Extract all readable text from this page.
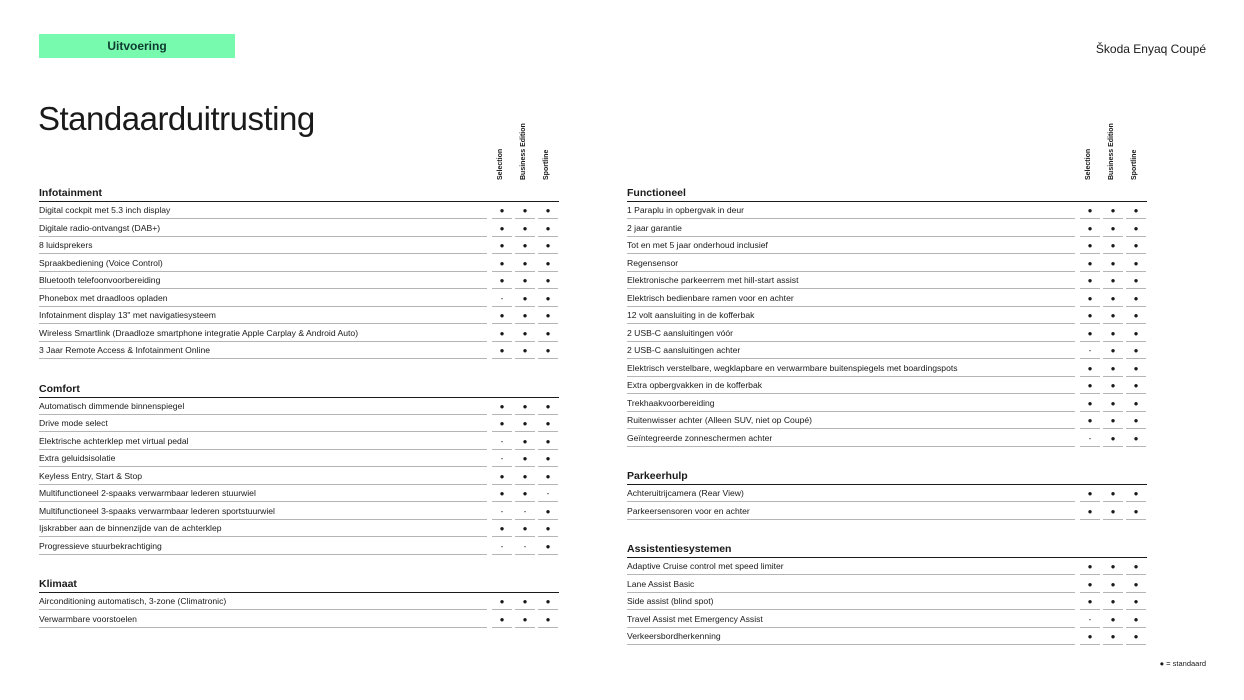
Uitvoering	Škoda Enyaq Coupé
Standaarduitrusting
Selection Business Edition Sportline
Infotainment
Digital cockpit met 5.3 inch display	●	●	●
Digitale radio-ontvangst (DAB+)	●	●	●
8 luidsprekers	●	●	●
Spraakbediening (Voice Control)	●	●	●
Bluetooth telefoonvoorbereiding	●	●	●
Phonebox met draadloos opladen	-	●	●
Infotainment display 13" met navigatiesysteem	●	●	●
Wireless Smartlink (Draadloze smartphone integratie Apple Carplay & Android Auto)	●	●	●
3 Jaar Remote Access & Infotainment Online	●	●	●
Comfort
Automatisch dimmende binnenspiegel	●	●	●
Drive mode select	●	●	●
Elektrische achterklep met virtual pedal	-	●	●
Extra geluidsisolatie	-	●	●
Keyless Entry, Start & Stop	●	●	●
Multifunctioneel 2-spaaks verwarmbaar lederen stuurwiel	●	●	-
Multifunctioneel 3-spaaks verwarmbaar lederen sportstuurwiel	-	-	●
Ijskrabber aan de binnenzijde van de achterklep	●	●	●
Progressieve stuurbekrachtiging	-	-	●
Klimaat
Airconditioning automatisch, 3-zone (Climatronic)	●	●	●
Verwarmbare voorstoelen	●	●	●
Selection Business Edition Sportline
Functioneel
1 Paraplu in opbergvak in deur	●	●	●
2 jaar garantie	●	●	●
Tot en met 5 jaar onderhoud inclusief	●	●	●
Regensensor	●	●	●
Elektronische parkeerrem met hill-start assist	●	●	●
Elektrisch bedienbare ramen voor en achter	●	●	●
12 volt aansluiting in de kofferbak	●	●	●
2 USB-C aansluitingen vóór	●	●	●
2 USB-C aansluitingen achter	-	●	●
Elektrisch verstelbare, wegklapbare en verwarmbare buitenspiegels met boardingspots	●	●	●
Extra opbergvakken in de kofferbak	●	●	●
Trekhaakvoorbereiding	●	●	●
Ruitenwisser achter (Alleen SUV, niet op Coupé)	●	●	●
Geïntegreerde zonneschermen achter	-	●	●
Parkeerhulp
Achteruitrijcamera (Rear View)	●	●	●
Parkeersensoren voor en achter	●	●	●
Assistentiesystemen
Adaptive Cruise control met speed limiter	●	●	●
Lane Assist Basic	●	●	●
Side assist (blind spot)	●	●	●
Travel Assist met Emergency Assist	-	●	●
Verkeersbordherkenning	●	●	●
● = standaard
